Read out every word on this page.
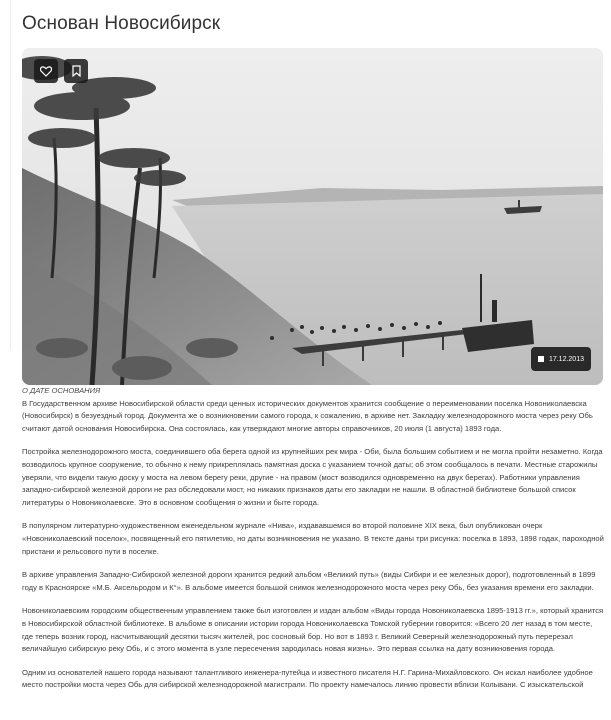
Основан Новосибирск
17.12.2013
О ДАТЕ ОСНОВАНИЯ

В Государственном архиве Новосибирской области среди ценных исторических документов хранится сообщение о переименовании поселка Новониколаевска (Новосибирск) в безуездный город. Документа же о возникновении самого города, к сожалению, в архиве нет. Закладку железнодорожного моста через реку Обь считают датой основания Новосибирска. Она состоялась, как утверждают многие авторы справочников, 20 июля (1 августа) 1893 года.

Постройка железнодорожного моста, соединившего оба берега одной из крупнейших рек мира - Оби, была большим событием и не могла пройти незаметно. Когда возводилось крупное сооружение, то обычно к нему прикреплялась памятная доска с указанием точной даты; об этом сообщалось в печати. Местные старожилы уверяли, что видели такую доску у моста на левом берегу реки, другие - на правом (мост возводился одновременно на двух берегах). Работники управления западно-сибирской железной дороги не раз обследовали мост, но никаких признаков даты его закладки не нашли. В областной библиотеке большой список литературы о Новониколаевске. Это в основном сообщения о жизни и быте города.

В популярном литературно-художественном еженедельном журнале «Нива», издававшемся во второй половине XIX века, был опубликован очерк «Новониколаевский поселок», посвященный его пятилетию, но даты возникновения не указано. В тексте даны три рисунка: поселка в 1893, 1898 годах, пароходной пристани и рельсового пути в поселке.

В архиве управления Западно-Сибирской железной дороги хранится редкий альбом «Великий путь» (виды Сибири и ее железных дорог), подготовленный в 1899 году в Красноярске «М.Б. Аксельродом и К°». В альбоме имеется большой снимок железнодорожного моста через реку Обь, без указания времени его закладки.

Новониколаевским городским общественным управлением также был изготовлен и издан альбом «Виды города Новониколаевска 1895-1913 гг.», который хранится в Новосибирской областной библиотеке. В альбоме в описании истории города Новониколаевска Томской губернии говорится: «Всего 20 лет назад в том месте, где теперь возник город, насчитывающий десятки тысяч жителей, рос сосновый бор. Но вот в 1893 г. Великий Северный железнодорожный путь перерезал величайшую сибирскую реку Обь, и с этого момента в узле пересечения зародилась новая жизнь». Это первая ссылка на дату возникновения города.

Одним из основателей нашего города называют талантливого инженера-путейца и известного писателя Н.Г. Гарина-Михайловского. Он искал наиболее удобное место постройки моста через Обь для сибирской железнодорожной магистрали. По проекту намечалось линию провести вблизи Колывани. С изыскательской
